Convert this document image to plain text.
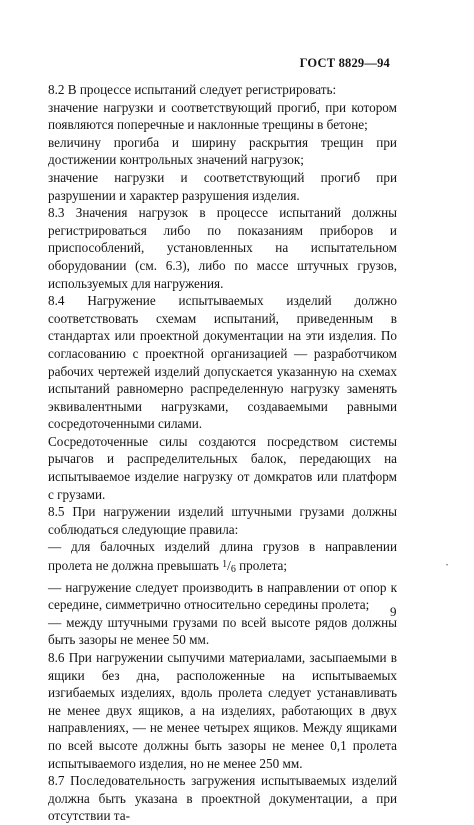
ГОСТ 8829—94

8.2 В процессе испытаний следует регистрировать:

значение нагрузки и соответствующий прогиб, при котором появляются поперечные и наклонные трещины в бетоне;

величину прогиба и ширину раскрытия трещин при достижении контрольных значений нагрузок;

значение нагрузки и соответствующий прогиб при разрушении и характер разрушения изделия.

8.3 Значения нагрузок в процессе испытаний должны регистрироваться либо по показаниям приборов и приспособлений, установленных на испытательном оборудовании (см. 6.3), либо по массе штучных грузов, используемых для нагружения.

8.4 Нагружение испытываемых изделий должно соответствовать схемам испытаний, приведенным в стандартах или проектной документации на эти изделия. По согласованию с проектной организацией — разработчиком рабочих чертежей изделий допускается указанную на схемах испытаний равномерно распределенную нагрузку заменять эквивалентными нагрузками, создаваемыми равными сосредоточенными силами.

Сосредоточенные силы создаются посредством системы рычагов и распределительных балок, передающих на испытываемое изделие нагрузку от домкратов или платформ с грузами.

8.5 При нагружении изделий штучными грузами должны соблюдаться следующие правила:

— для балочных изделий длина грузов в направлении пролета не должна превышать $^1$/6 пролета;

— нагружение следует производить в направлении от опор к середине, симметрично относительно середины пролета;

— между штучными грузами по всей высоте рядов должны быть зазоры не менее 50 мм.

8.6 При нагружении сыпучими материалами, засыпаемыми в ящики без дна, расположенные на испытываемых изгибаемых изделиях, вдоль пролета следует устанавливать не менее двух ящиков, а на изделиях, работающих в двух направлениях, — не менее четырех ящиков. Между ящиками по всей высоте должны быть зазоры не менее 0,1 пролета испытываемого изделия, но не менее 250 мм.

8.7 Последовательность загружения испытываемых изделий должна быть указана в проектной документации, а при отсутствии та-

•
9
